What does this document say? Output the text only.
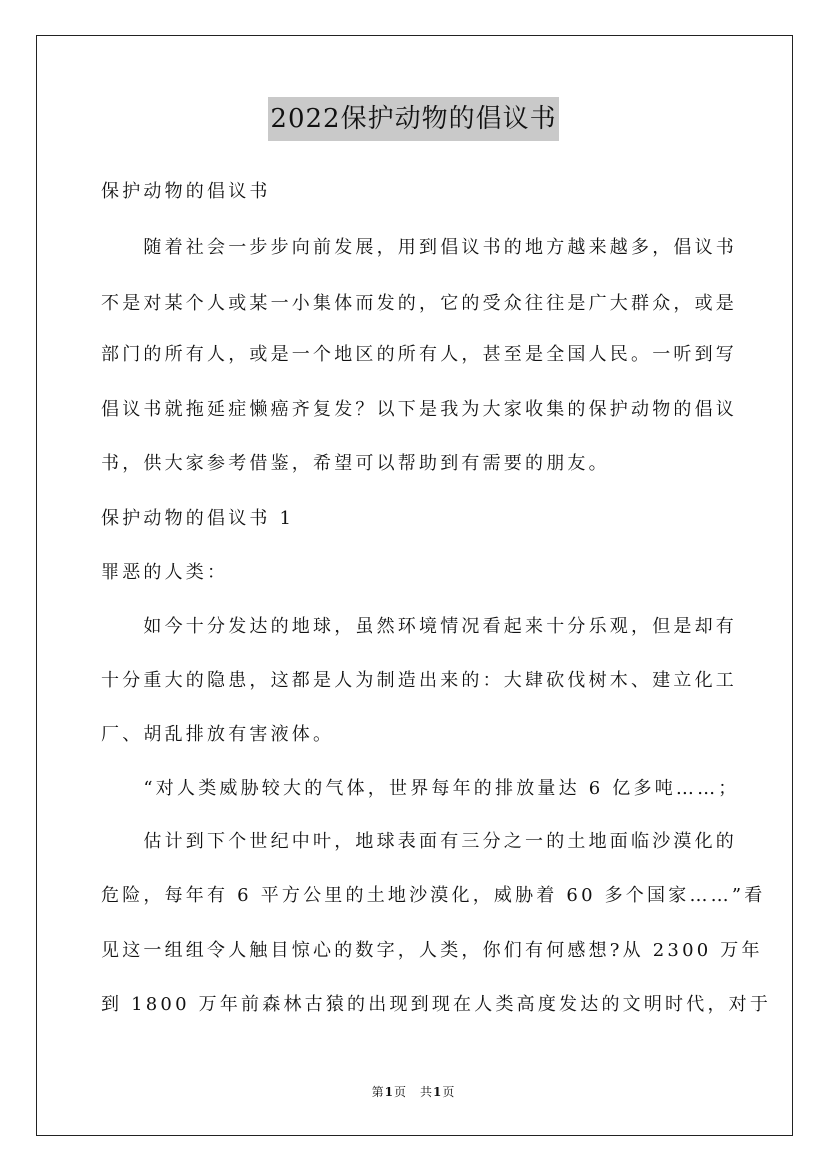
2022保护动物的倡议书
保护动物的倡议书
　　随着社会一步步向前发展，用到倡议书的地方越来越多，倡议书
不是对某个人或某一小集体而发的，它的受众往往是广大群众，或是
部门的所有人，或是一个地区的所有人，甚至是全国人民。一听到写
倡议书就拖延症懒癌齐复发？以下是我为大家收集的保护动物的倡议
书，供大家参考借鉴，希望可以帮助到有需要的朋友。
保护动物的倡议书 1
罪恶的人类：
　　如今十分发达的地球，虽然环境情况看起来十分乐观，但是却有
十分重大的隐患，这都是人为制造出来的：大肆砍伐树木、建立化工
厂、胡乱排放有害液体。
　　“对人类威胁较大的气体，世界每年的排放量达 6 亿多吨……；
　　估计到下个世纪中叶，地球表面有三分之一的土地面临沙漠化的
危险，每年有 6 平方公里的土地沙漠化，威胁着 60 多个国家……”看
见这一组组令人触目惊心的数字，人类，你们有何感想?从 2300 万年
到 1800 万年前森林古猿的出现到现在人类高度发达的文明时代，对于
第1页　共1页
